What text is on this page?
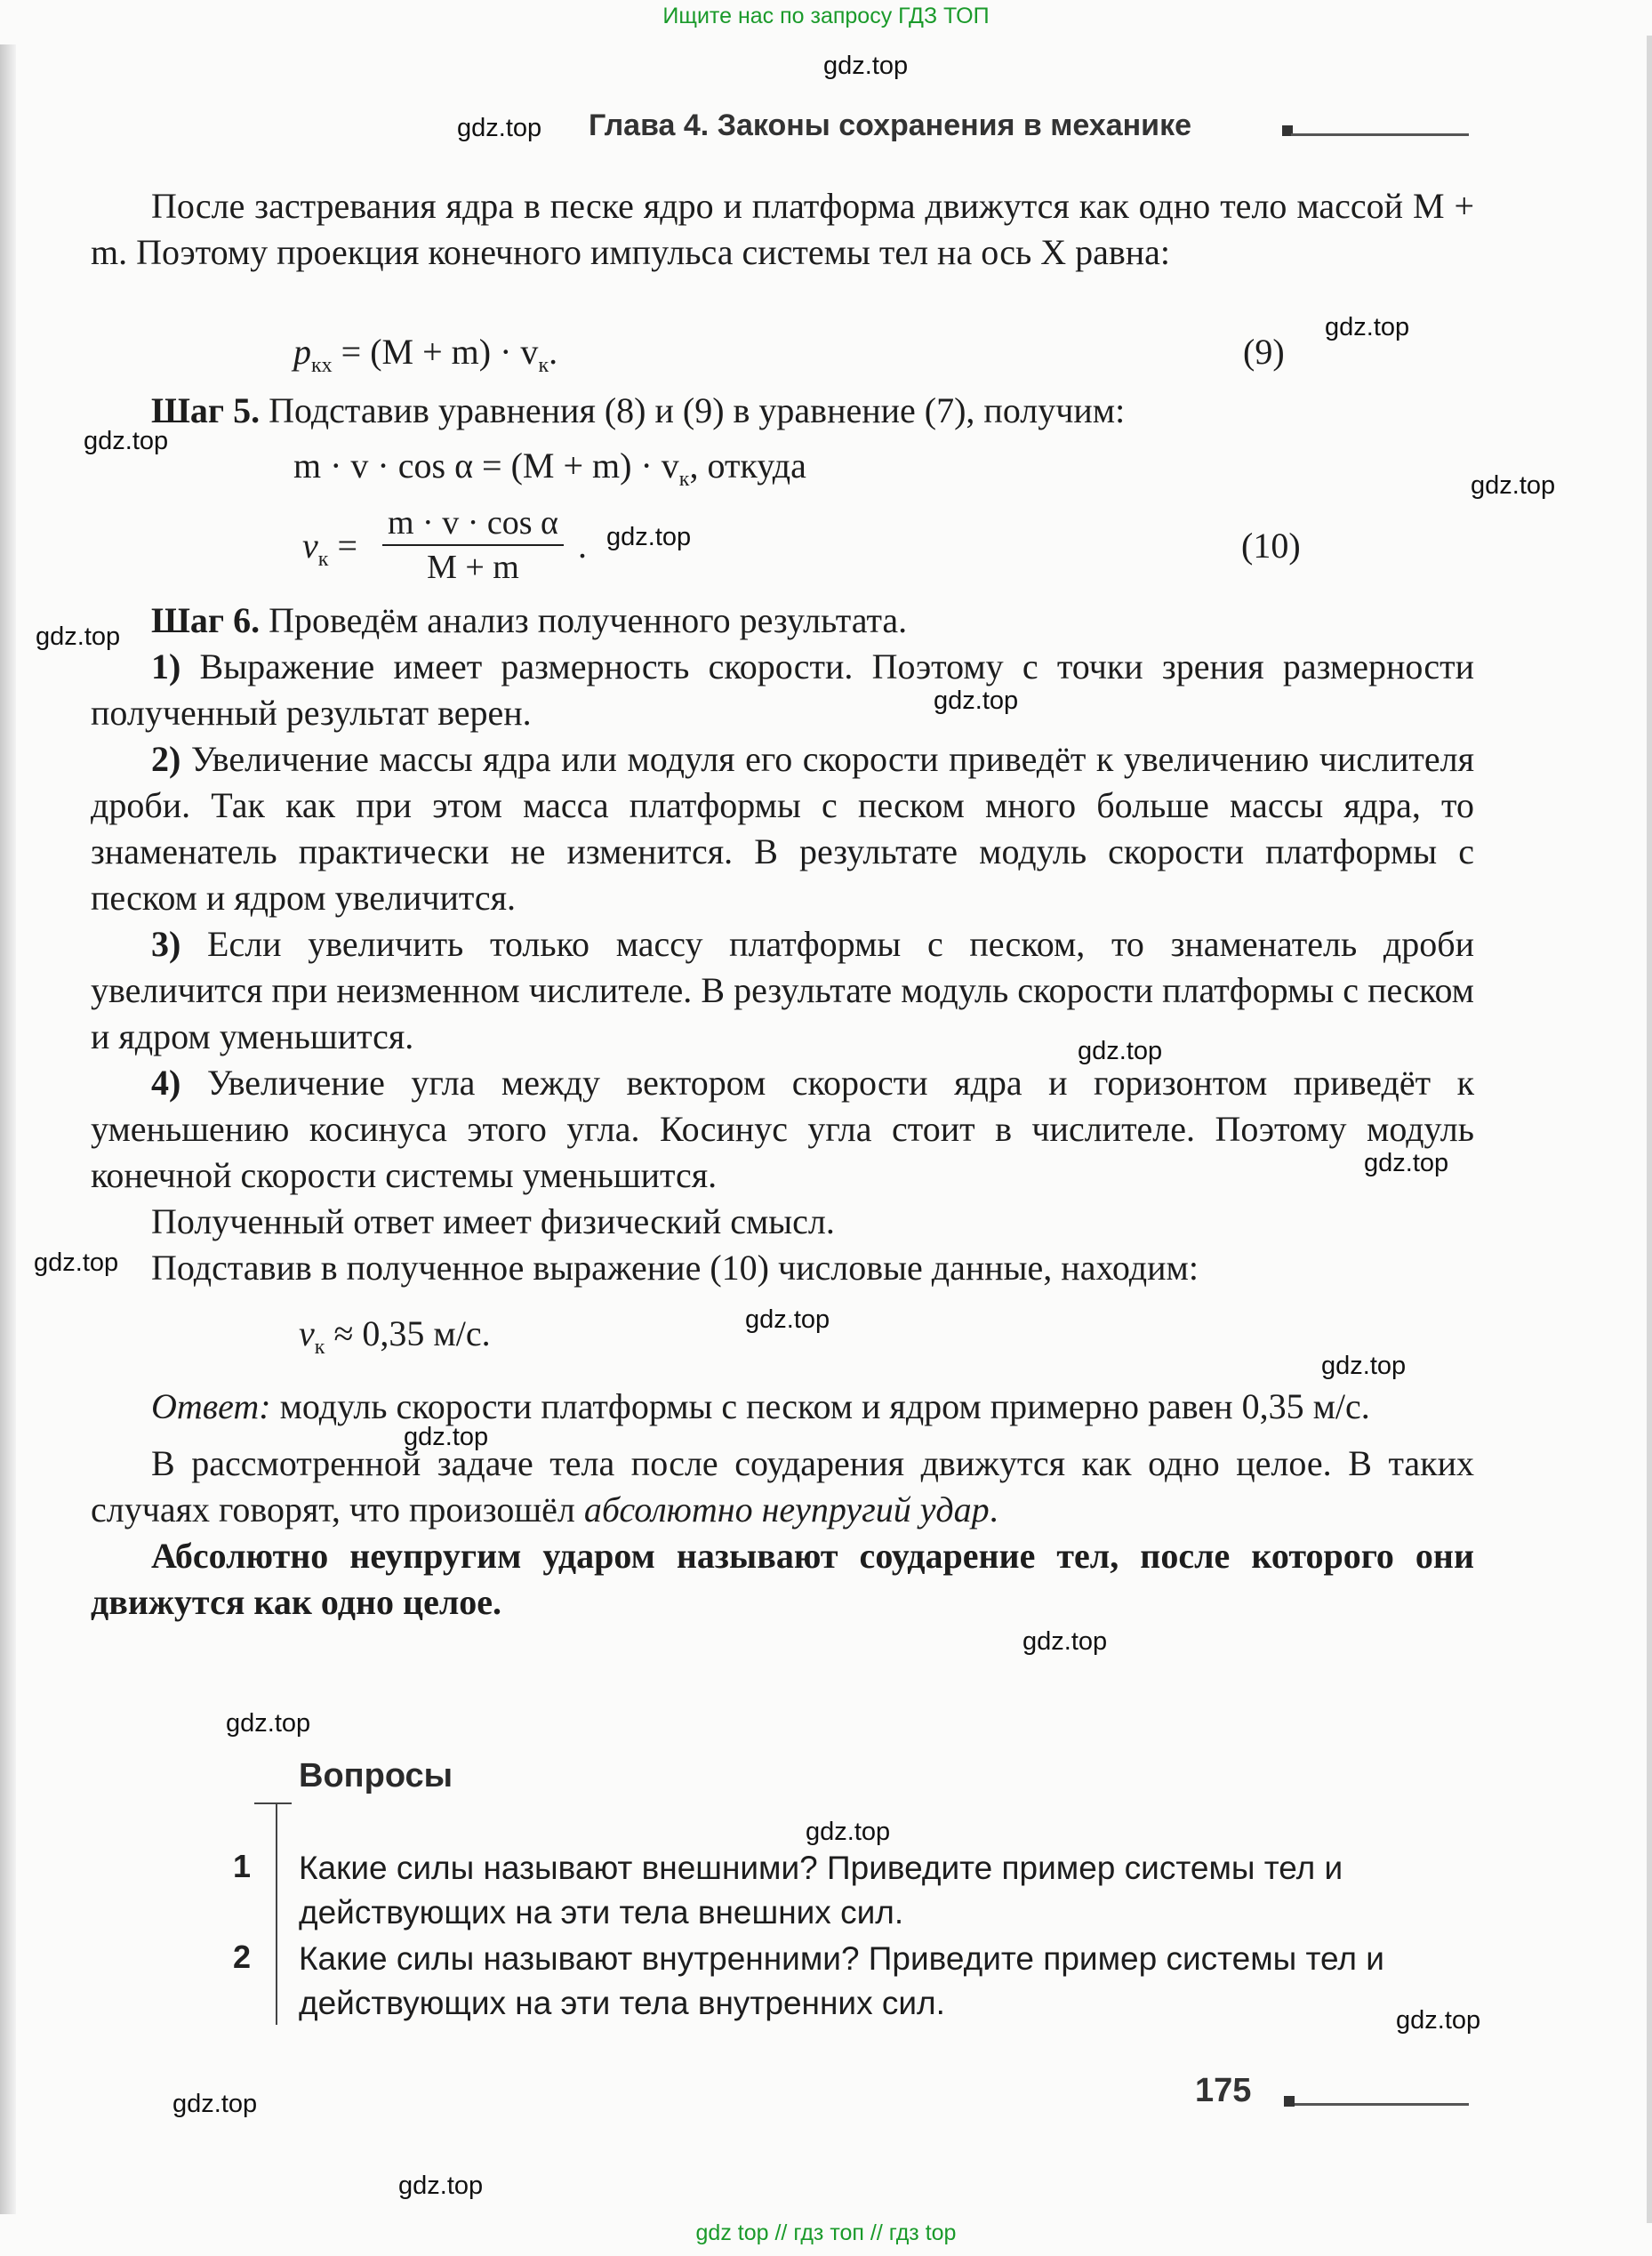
Ищите нас по запросу ГДЗ ТОП
Глава 4. Законы сохранения в механике

После застревания ядра в песке ядро и платформа движутся как одно тело массой M + m. Поэтому проекция конечного импульса системы тел на ось X равна:

$p_{кх} = (M + m) \cdot v_к$.	(9)

Шаг 5. Подставив уравнения (8) и (9) в уравнение (7), получим:

$m \cdot v \cdot \cos \alpha = (M + m) \cdot v_к$, откуда
$v_к = \frac{\text{m · v · cos α}}{M + m}$ .	(10)

Шаг 6. Проведём анализ полученного результата.

1) Выражение имеет размерность скорости. Поэтому с точки зрения размерности полученный результат верен.

2) Увеличение массы ядра или модуля его скорости приведёт к увеличению числителя дроби. Так как при этом масса платформы с песком много больше массы ядра, то знаменатель практически не изменится. В результате модуль скорости платформы с песком и ядром увеличится.

3) Если увеличить только массу платформы с песком, то знаменатель дроби увеличится при неизменном числителе. В результате модуль скорости платформы с песком и ядром уменьшится.

4) Увеличение угла между вектором скорости ядра и горизонтом приведёт к уменьшению косинуса этого угла. Косинус угла стоит в числителе. Поэтому модуль конечной скорости системы уменьшится.

Полученный ответ имеет физический смысл.

Подставив в полученное выражение (10) числовые данные, находим:

$v_к \approx 0,35$ м/с.

Ответ: модуль скорости платформы с песком и ядром примерно равен 0,35 м/с.

В рассмотренной задаче тела после соударения движутся как одно целое. В таких случаях говорят, что произошёл абсолютно неупругий удар.

Абсолютно неупругим ударом называют соударение тел, после которого они движутся как одно целое.

Вопросы
1 Какие силы называют внешними? Приведите пример системы тел и действующих на эти тела внешних сил.
2 Какие силы называют внутренними? Приведите пример системы тел и действующих на эти тела внутренних сил.
175
gdz.top
gdz.top
gdz.top
gdz.top
gdz.top
gdz.top
gdz.top
gdz.top
gdz.top
gdz.top
gdz.top
gdz.top
gdz.top
gdz.top
gdz.top
gdz.top
gdz.top
gdz.top
gdz.top
gdz.top
gdz top // гдз топ // гдз top
